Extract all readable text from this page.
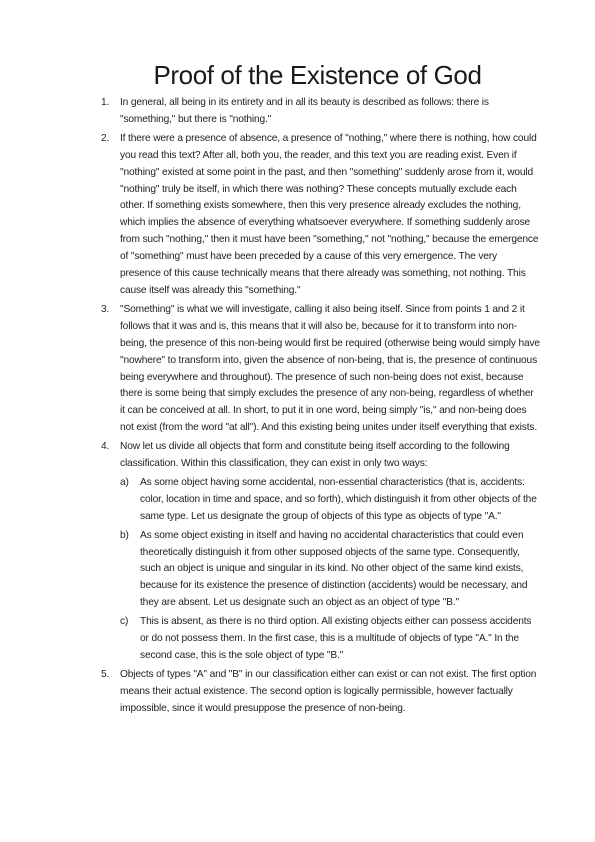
Proof of the Existence of God
1. In general, all being in its entirety and in all its beauty is described as follows: there is "something," but there is "nothing."
2. If there were a presence of absence, a presence of "nothing," where there is nothing, how could you read this text? After all, both you, the reader, and this text you are reading exist. Even if "nothing" existed at some point in the past, and then "something" suddenly arose from it, would "nothing" truly be itself, in which there was nothing? These concepts mutually exclude each other. If something exists somewhere, then this very presence already excludes the nothing, which implies the absence of everything whatsoever everywhere. If something suddenly arose from such "nothing," then it must have been "something," not "nothing," because the emergence of "something" must have been preceded by a cause of this very emergence. The very presence of this cause technically means that there already was something, not nothing. This cause itself was already this "something."
3. "Something" is what we will investigate, calling it also being itself. Since from points 1 and 2 it follows that it was and is, this means that it will also be, because for it to transform into non-being, the presence of this non-being would first be required (otherwise being would simply have "nowhere" to transform into, given the absence of non-being, that is, the presence of continuous being everywhere and throughout). The presence of such non-being does not exist, because there is some being that simply excludes the presence of any non-being, regardless of whether it can be conceived at all. In short, to put it in one word, being simply "is," and non-being does not exist (from the word "at all"). And this existing being unites under itself everything that exists.
4. Now let us divide all objects that form and constitute being itself according to the following classification. Within this classification, they can exist in only two ways:
a) As some object having some accidental, non-essential characteristics (that is, accidents: color, location in time and space, and so forth), which distinguish it from other objects of the same type. Let us designate the group of objects of this type as objects of type "A."
b) As some object existing in itself and having no accidental characteristics that could even theoretically distinguish it from other supposed objects of the same type. Consequently, such an object is unique and singular in its kind. No other object of the same kind exists, because for its existence the presence of distinction (accidents) would be necessary, and they are absent. Let us designate such an object as an object of type "B."
c) This is absent, as there is no third option. All existing objects either can possess accidents or do not possess them. In the first case, this is a multitude of objects of type "A." In the second case, this is the sole object of type "B."
5. Objects of types "A" and "B" in our classification either can exist or can not exist. The first option means their actual existence. The second option is logically permissible, however factually impossible, since it would presuppose the presence of non-being.
